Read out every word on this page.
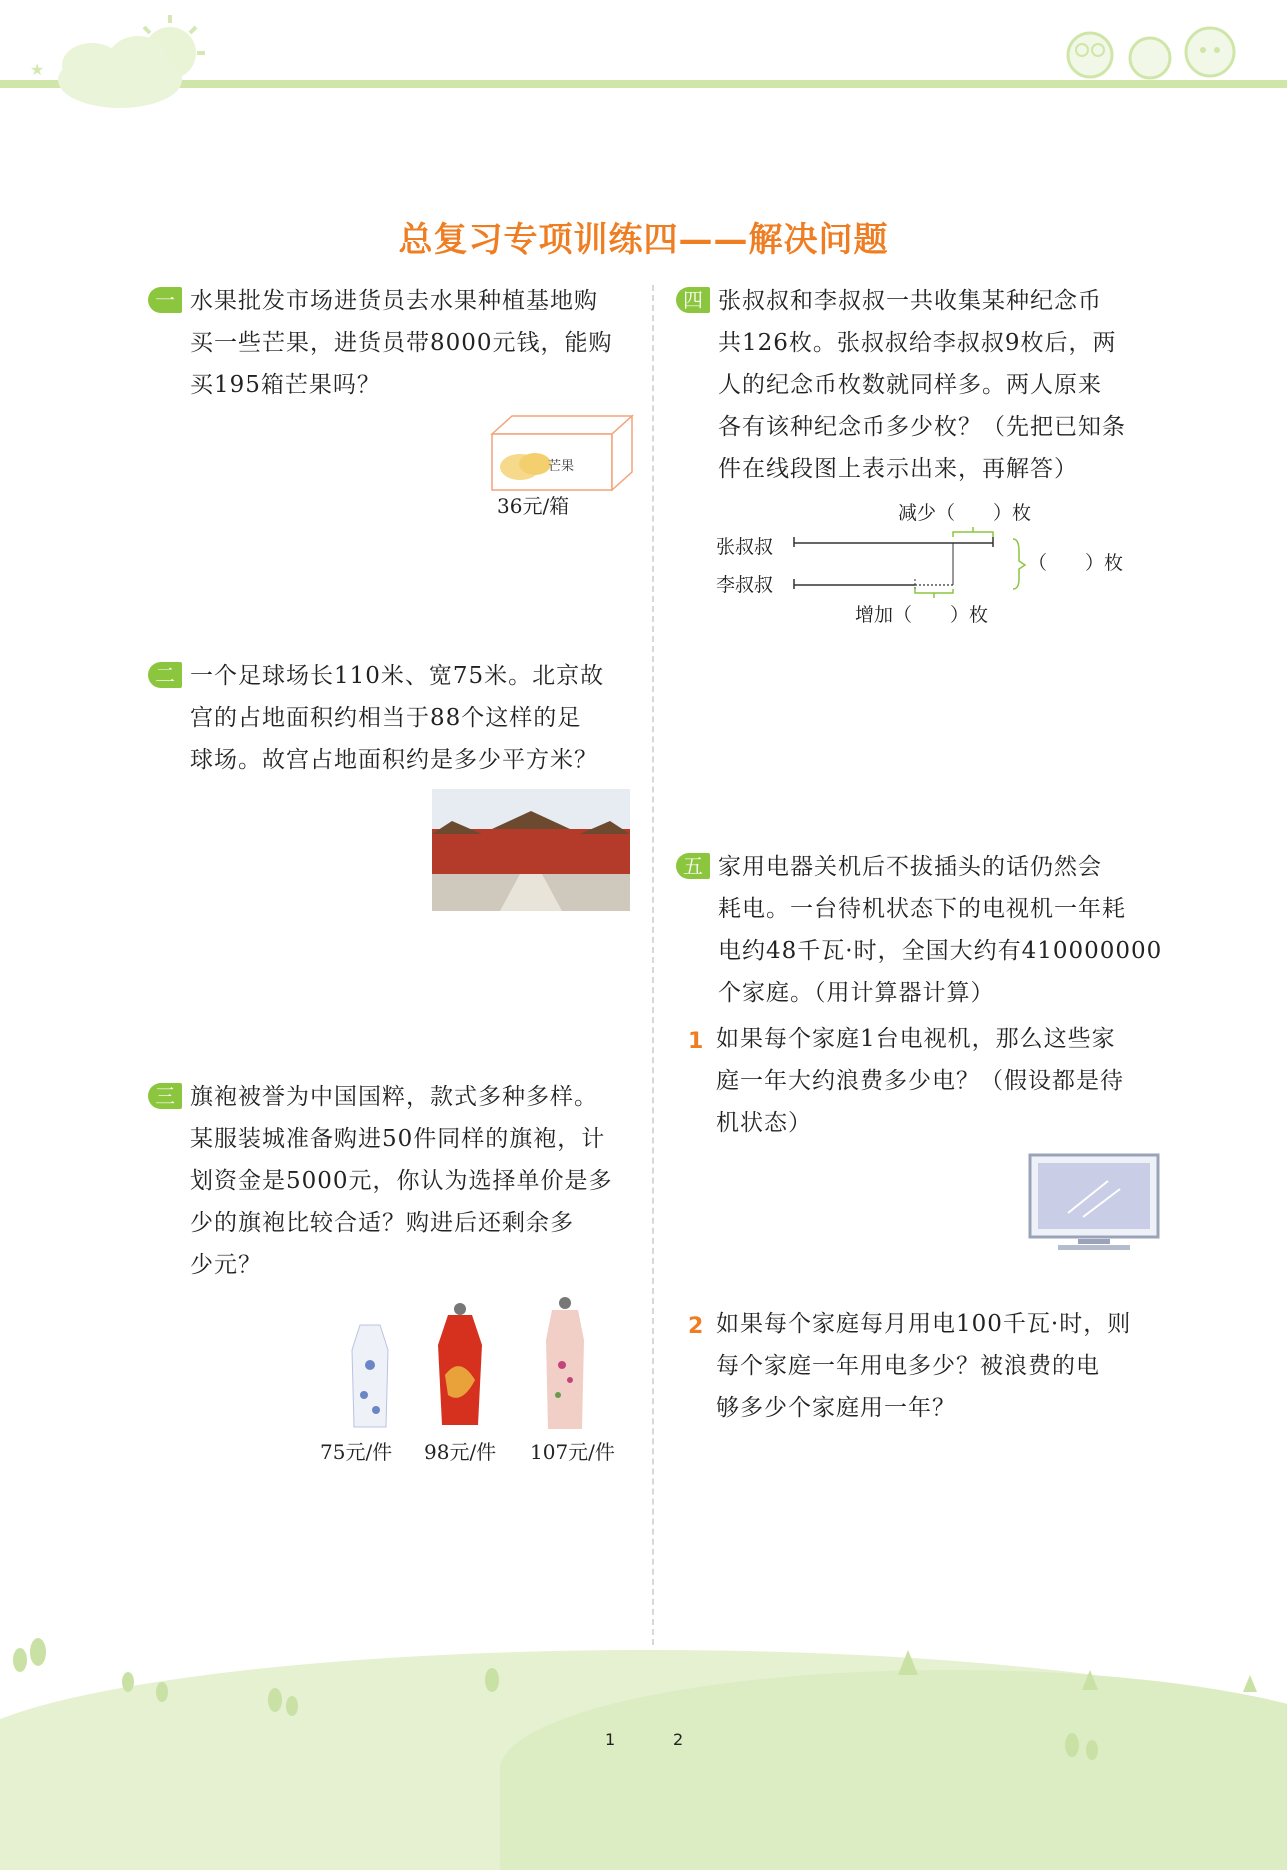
★
总复习专项训练四——解决问题
一 水果批发市场进货员去水果种植基地购
买一些芒果，进货员带8000元钱，能购
买195箱芒果吗？
芒果
36元/箱
二 一个足球场长110米、宽75米。北京故
宫的占地面积约相当于88个这样的足
球场。故宫占地面积约是多少平方米？
三 旗袍被誉为中国国粹，款式多种多样。
某服装城准备购进50件同样的旗袍，计
划资金是5000元，你认为选择单价是多
少的旗袍比较合适？购进后还剩余多
少元？
75元/件 98元/件 107元/件
四 张叔叔和李叔叔一共收集某种纪念币
共126枚。张叔叔给李叔叔9枚后，两
人的纪念币枚数就同样多。两人原来
各有该种纪念币多少枚？（先把已知条
件在线段图上表示出来，再解答）
减少（　　）枚
张叔叔
李叔叔
（　　）枚
增加（　　）枚
五 家用电器关机后不拔插头的话仍然会
耗电。一台待机状态下的电视机一年耗
电约48千瓦·时，全国大约有410000000
个家庭。（用计算器计算）
1 如果每个家庭1台电视机，那么这些家
庭一年大约浪费多少电？（假设都是待
机状态）
2 如果每个家庭每月用电100千瓦·时，则
每个家庭一年用电多少？被浪费的电
够多少个家庭用一年？
1	2
